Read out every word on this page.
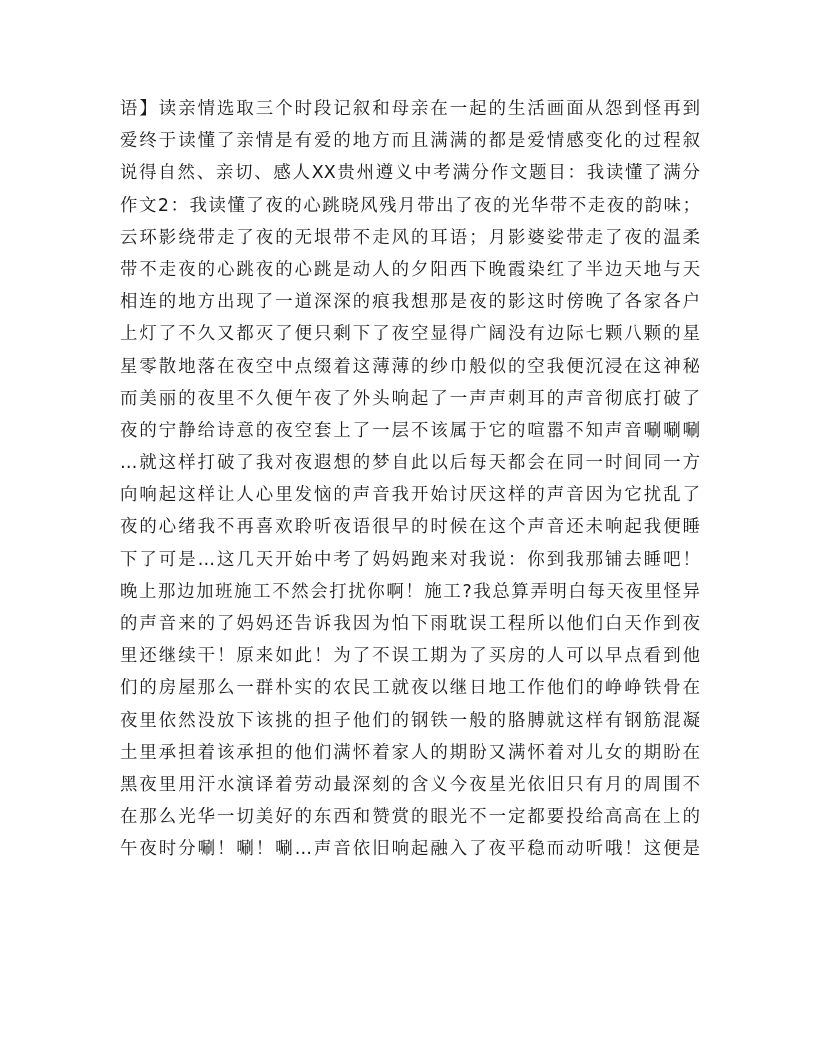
语】读亲情选取三个时段记叙和母亲在一起的生活画面从怨到怪再到
爱终于读懂了亲情是有爱的地方而且满满的都是爱情感变化的过程叙
说得自然、亲切、感人XX贵州遵义中考满分作文题目：我读懂了满分
作文2：我读懂了夜的心跳晓风残月带出了夜的光华带不走夜的韵味；
云环影绕带走了夜的无垠带不走风的耳语；月影婆娑带走了夜的温柔
带不走夜的心跳夜的心跳是动人的夕阳西下晚霞染红了半边天地与天
相连的地方出现了一道深深的痕我想那是夜的影这时傍晚了各家各户
上灯了不久又都灭了便只剩下了夜空显得广阔没有边际七颗八颗的星
星零散地落在夜空中点缀着这薄薄的纱巾般似的空我便沉浸在这神秘
而美丽的夜里不久便午夜了外头响起了一声声刺耳的声音彻底打破了
夜的宁静给诗意的夜空套上了一层不该属于它的喧嚣不知声音唰唰唰
…就这样打破了我对夜遐想的梦自此以后每天都会在同一时间同一方
向响起这样让人心里发恼的声音我开始讨厌这样的声音因为它扰乱了
夜的心绪我不再喜欢聆听夜语很早的时候在这个声音还未响起我便睡
下了可是…这几天开始中考了妈妈跑来对我说：你到我那铺去睡吧！
晚上那边加班施工不然会打扰你啊！施工?我总算弄明白每天夜里怪异
的声音来的了妈妈还告诉我因为怕下雨耽误工程所以他们白天作到夜
里还继续干！原来如此！为了不误工期为了买房的人可以早点看到他
们的房屋那么一群朴实的农民工就夜以继日地工作他们的峥峥铁骨在
夜里依然没放下该挑的担子他们的钢铁一般的胳膊就这样有钢筋混凝
土里承担着该承担的他们满怀着家人的期盼又满怀着对儿女的期盼在
黑夜里用汗水演译着劳动最深刻的含义今夜星光依旧只有月的周围不
在那么光华一切美好的东西和赞赏的眼光不一定都要投给高高在上的
午夜时分唰！唰！唰…声音依旧响起融入了夜平稳而动听哦！这便是
